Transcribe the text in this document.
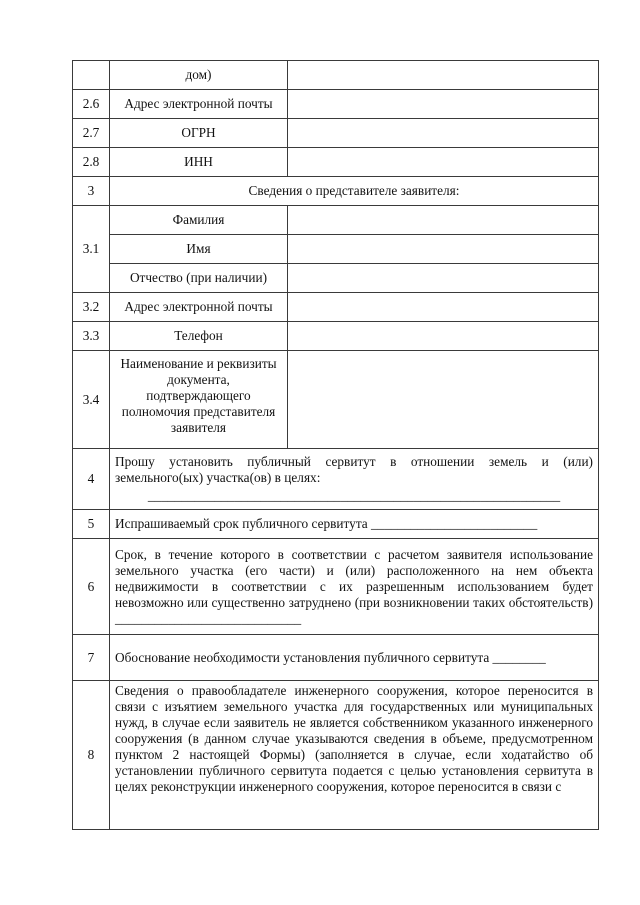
	дом)	
2.6	Адрес электронной почты	
2.7	ОГРН	
2.8	ИНН	
3	Сведения о представителе заявителя:	
3.1	Фамилия	
	Имя	
	Отчество (при наличии)	
3.2	Адрес электронной почты	
3.3	Телефон	
3.4	Наименование и реквизиты документа, подтверждающего полномочия представителя заявителя	
4	Прошу установить публичный сервитут в отношении земель и (или) земельного(ых) участка(ов) в целях:
______________________________________________________________	

5	Испрашиваемый срок публичного сервитута _________________________	
6	Срок, в течение которого в соответствии с расчетом заявителя использование земельного участка (его части) и (или) расположенного на нем объекта недвижимости в соответствии с их разрешенным использованием будет невозможно или существенно затруднено (при возникновении таких обстоятельств) ____________________________	
7	Обоснование необходимости установления публичного сервитута ________	
8	Сведения о правообладателе инженерного сооружения, которое переносится в связи с изъятием земельного участка для государственных или муниципальных нужд, в случае если заявитель не является собственником указанного инженерного сооружения (в данном случае указываются сведения в объеме, предусмотренном пунктом 2 настоящей Формы) (заполняется в случае, если ходатайство об установлении публичного сервитута подается с целью установления сервитута в целях реконструкции инженерного сооружения, которое переносится в связи с	
